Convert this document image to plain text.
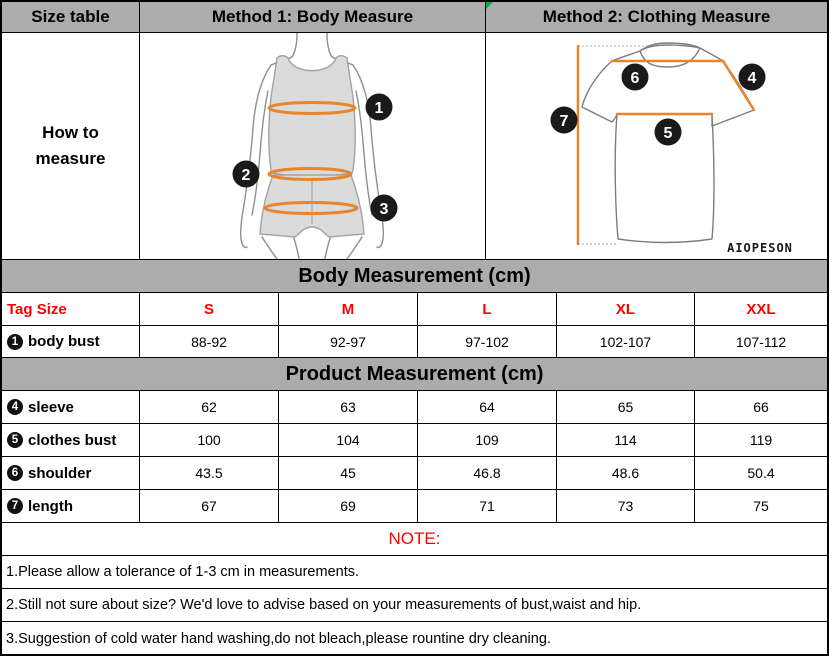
Size table	Method 1: Body Measure	Method 2: Clothing Measure
How to measure
1
2
3
6	4
7
5
AIOPESON
Body Measurement (cm)
Tag Size	S	M	L	XL	XXL
1 body bust	88-92	92-97	97-102	102-107	107-112
Product Measurement (cm)
4 sleeve	62	63	64	65	66
5 clothes bust	100	104	109	114	119
6 shoulder	43.5	45	46.8	48.6	50.4
7 length	67	69	71	73	75
NOTE:
1.Please allow a tolerance of 1-3 cm in measurements.
2.Still not sure about size? We'd love to advise based on your measurements of bust,waist and hip.
3.Suggestion of cold water hand washing,do not bleach,please rountine dry cleaning.
